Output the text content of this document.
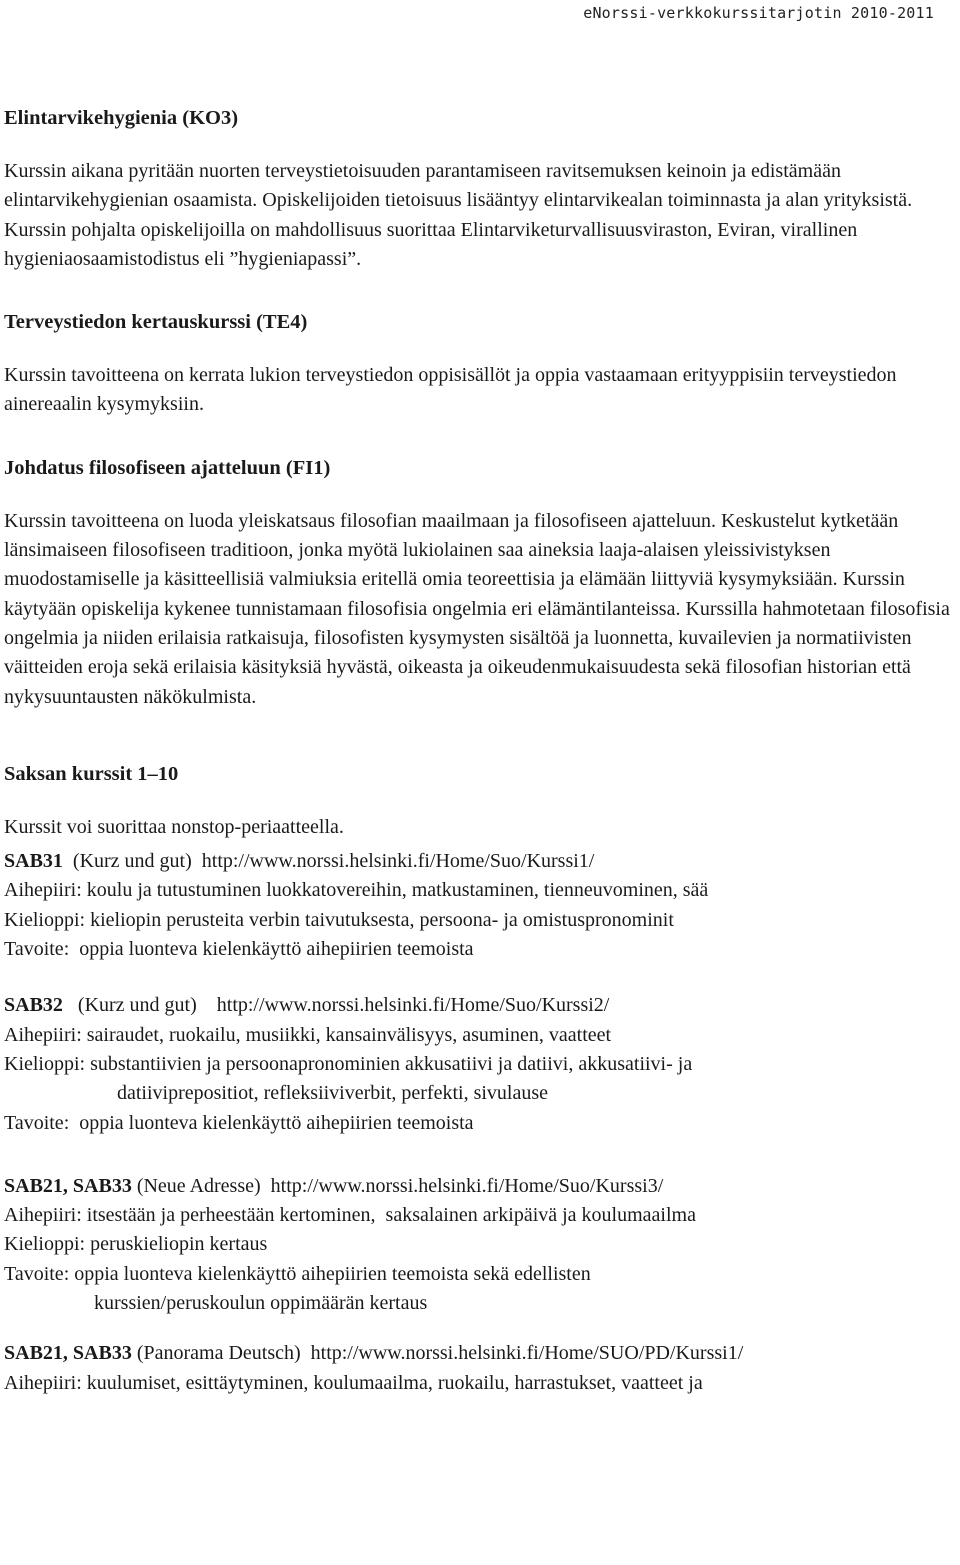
eNorssi-verkkokurssitarjotin 2010-2011
Elintarvikehygienia (KO3)

Kurssin aikana pyritään nuorten terveystietoisuuden parantamiseen ravitsemuksen keinoin ja edistämään elintarvikehygienian osaamista. Opiskelijoiden tietoisuus lisääntyy elintarvikealan toiminnasta ja alan yrityksistä. Kurssin pohjalta opiskelijoilla on mahdollisuus suorittaa Elintarviketurvallisuusviraston, Eviran, virallinen hygieniaosaamistodistus eli ”hygieniapassi”.

Terveystiedon kertauskurssi (TE4)

Kurssin tavoitteena on kerrata lukion terveystiedon oppisisällöt ja oppia vastaamaan erityyppisiin terveystiedon ainereaalin kysymyksiin.

Johdatus filosofiseen ajatteluun (FI1)

Kurssin tavoitteena on luoda yleiskatsaus filosofian maailmaan ja filosofiseen ajatteluun. Keskustelut kytketään länsimaiseen filosofiseen traditioon, jonka myötä lukiolainen saa aineksia laaja-alaisen yleissivistyksen muodostamiselle ja käsitteellisiä valmiuksia eritellä omia teoreettisia ja elämään liittyviä kysymyksiään. Kurssin käytyään opiskelija kykenee tunnistamaan filosofisia ongelmia eri elämäntilanteissa. Kurssilla hahmotetaan filosofisia ongelmia ja niiden erilaisia ratkaisuja, filosofisten kysymysten sisältöä ja luonnetta, kuvailevien ja normatiivisten väitteiden eroja sekä erilaisia käsityksiä hyvästä, oikeasta ja oikeudenmukaisuudesta sekä filosofian historian että nykysuuntausten näkökulmista.

Saksan kurssit 1–10

Kurssit voi suorittaa nonstop-periaatteella.

SAB31  (Kurz und gut)  http://www.norssi.helsinki.fi/Home/Suo/Kurssi1/
Aihepiiri: koulu ja tutustuminen luokkatovereihin, matkustaminen, tienneuvominen, sää
Kielioppi: kieliopin perusteita verbin taivutuksesta, persoona- ja omistuspronominit
Tavoite:  oppia luonteva kielenkäyttö aihepiirien teemoista
SAB32   (Kurz und gut)    http://www.norssi.helsinki.fi/Home/Suo/Kurssi2/
Aihepiiri: sairaudet, ruokailu, musiikki, kansainvälisyys, asuminen, vaatteet
Kielioppi: substantiivien ja persoonapronominien akkusatiivi ja datiivi, akkusatiivi- ja
datiiviprepositiot, refleksiiviverbit, perfekti, sivulause
Tavoite:  oppia luonteva kielenkäyttö aihepiirien teemoista
SAB21, SAB33 (Neue Adresse)  http://www.norssi.helsinki.fi/Home/Suo/Kurssi3/
Aihepiiri: itsestään ja perheestään kertominen,  saksalainen arkipäivä ja koulumaailma
Kielioppi: peruskieliopin kertaus
Tavoite: oppia luonteva kielenkäyttö aihepiirien teemoista sekä edellisten
kurssien/peruskoulun oppimäärän kertaus
SAB21, SAB33 (Panorama Deutsch)  http://www.norssi.helsinki.fi/Home/SUO/PD/Kurssi1/
Aihepiiri: kuulumiset, esittäytyminen, koulumaailma, ruokailu, harrastukset, vaatteet ja
